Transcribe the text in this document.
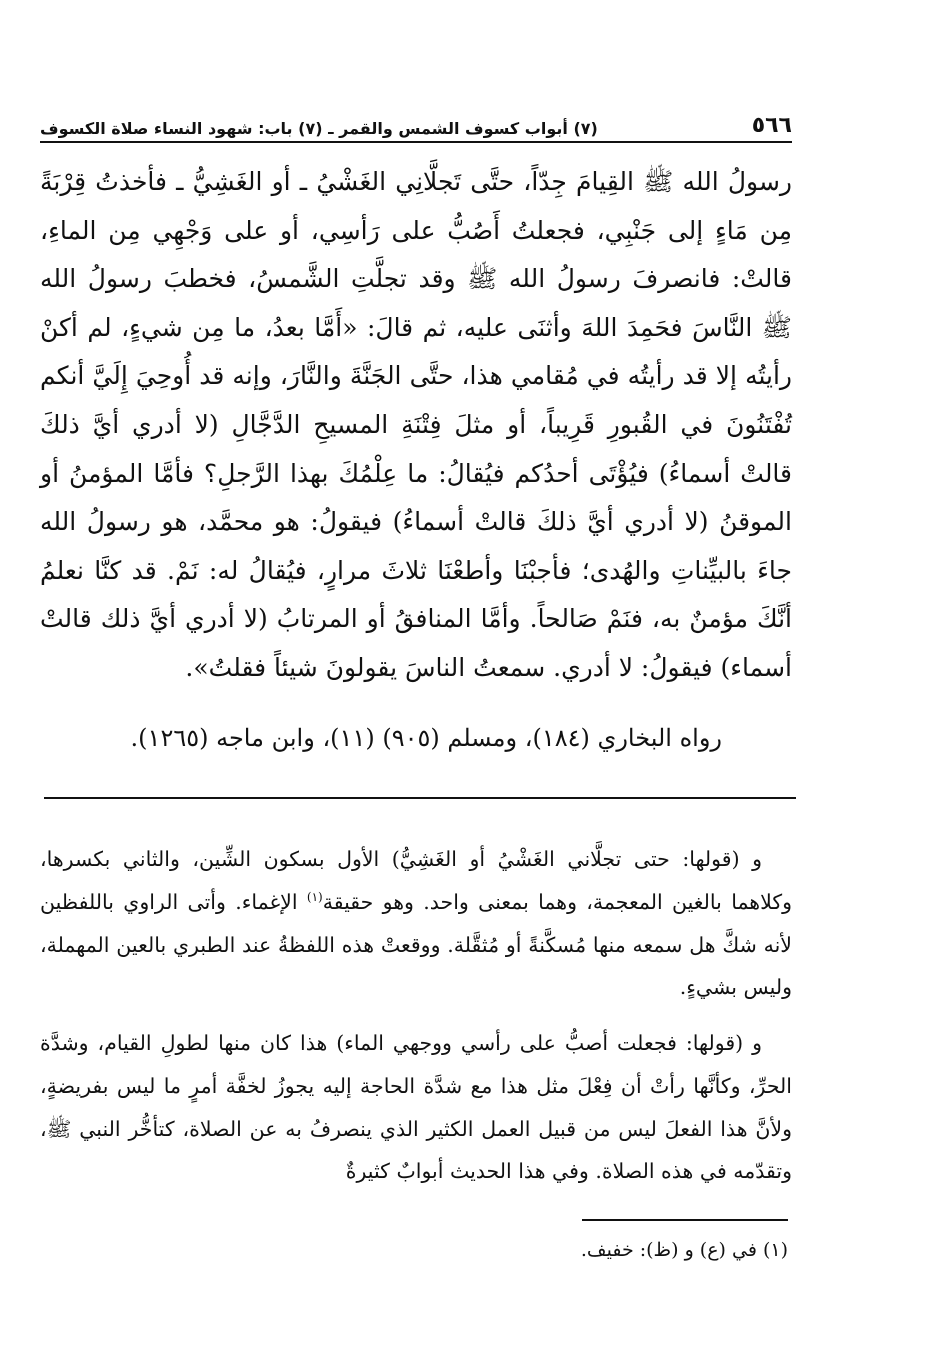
٥٦٦
(٧) أبواب كسوف الشمس والقمر ـ (٧) باب: شهود النساء صلاة الكسوف
رسولُ الله ﷺ القِيامَ جِدّاً، حتَّى تَجلَّانِي الغَشْيُ ـ أو الغَشِيُّ ـ فأخذتُ قِرْبَةً مِن مَاءٍ إلى جَنْبِي، فجعلتُ أَصُبُّ على رَأسِي، أو على وَجْهِي مِن الماءِ، قالتْ: فانصرفَ رسولُ الله ﷺ وقد تجلَّتِ الشَّمسُ، فخطبَ رسولُ الله ﷺ النَّاسَ فحَمِدَ اللهَ وأثنَى عليه، ثم قالَ: «أَمَّا بعدُ، ما مِن شيءٍ، لم أكنْ رأيتُه إلا قد رأيتُه في مُقامي هذا، حتَّى الجَنَّةَ والنَّارَ، وإنه قد أُوحِيَ إِلَيَّ أنكم تُفْتَنُونَ في القُبورِ قَرِيباً، أو مثلَ فِتْنَةِ المسيحِ الدَّجَّالِ (لا أدري أيَّ ذلكَ قالتْ أسماءُ) فيُؤْتَى أحدُكم فيُقالُ: ما عِلْمُكَ بهذا الرَّجلِ؟ فأمَّا المؤمنُ أو الموقنُ (لا أدري أيَّ ذلكَ قالتْ أسماءُ) فيقولُ: هو محمَّد، هو رسولُ الله جاءَ بالبيِّناتِ والهُدى؛ فأجبْنَا وأطعْنَا ثلاثَ مرارٍ، فيُقالُ له: نَمْ. قد كنَّا نعلمُ أنَّكَ مؤمنٌ به، فنَمْ صَالحاً. وأمَّا المنافقُ أو المرتابُ (لا أدري أيَّ ذلك قالتْ أسماء) فيقولُ: لا أدري. سمعتُ الناسَ يقولونَ شيئاً فقلتُ».
رواه البخاري (١٨٤)، ومسلم (٩٠٥) (١١)، وابن ماجه (١٢٦٥).
و (قولها: حتى تجلَّاني الغَشْيُ أو الغَشِيُّ) الأول بسكون الشِّين، والثاني بكسرها، وكلاهما بالغين المعجمة، وهما بمعنى واحد. وهو حقيقة$^{(١)}$ الإغماء. وأتى الراوي باللفظين لأنه شكَّ هل سمعه منها مُسكَّنةً أو مُثقَّلة. ووقعتْ هذه اللفظةُ عند الطبري بالعين المهملة، وليس بشيءٍ.
و (قولها: فجعلت أصبُّ على رأسي ووجهي الماء) هذا كان منها لطولِ القيام، وشدَّة الحرِّ، وكأنَّها رأتْ أن فِعْلَ مثل هذا مع شدَّة الحاجة إليه يجوزُ لخفَّة أمرٍ ما ليس بفريضةٍ، ولأنَّ هذا الفعلَ ليس من قبيل العمل الكثير الذي ينصرفُ به عن الصلاة، كتأخُّر النبي ﷺ، وتقدّمه في هذه الصلاة. وفي هذا الحديث أبوابٌ كثيرةٌ
(١) في (ع) و (ظ): خفيف.
